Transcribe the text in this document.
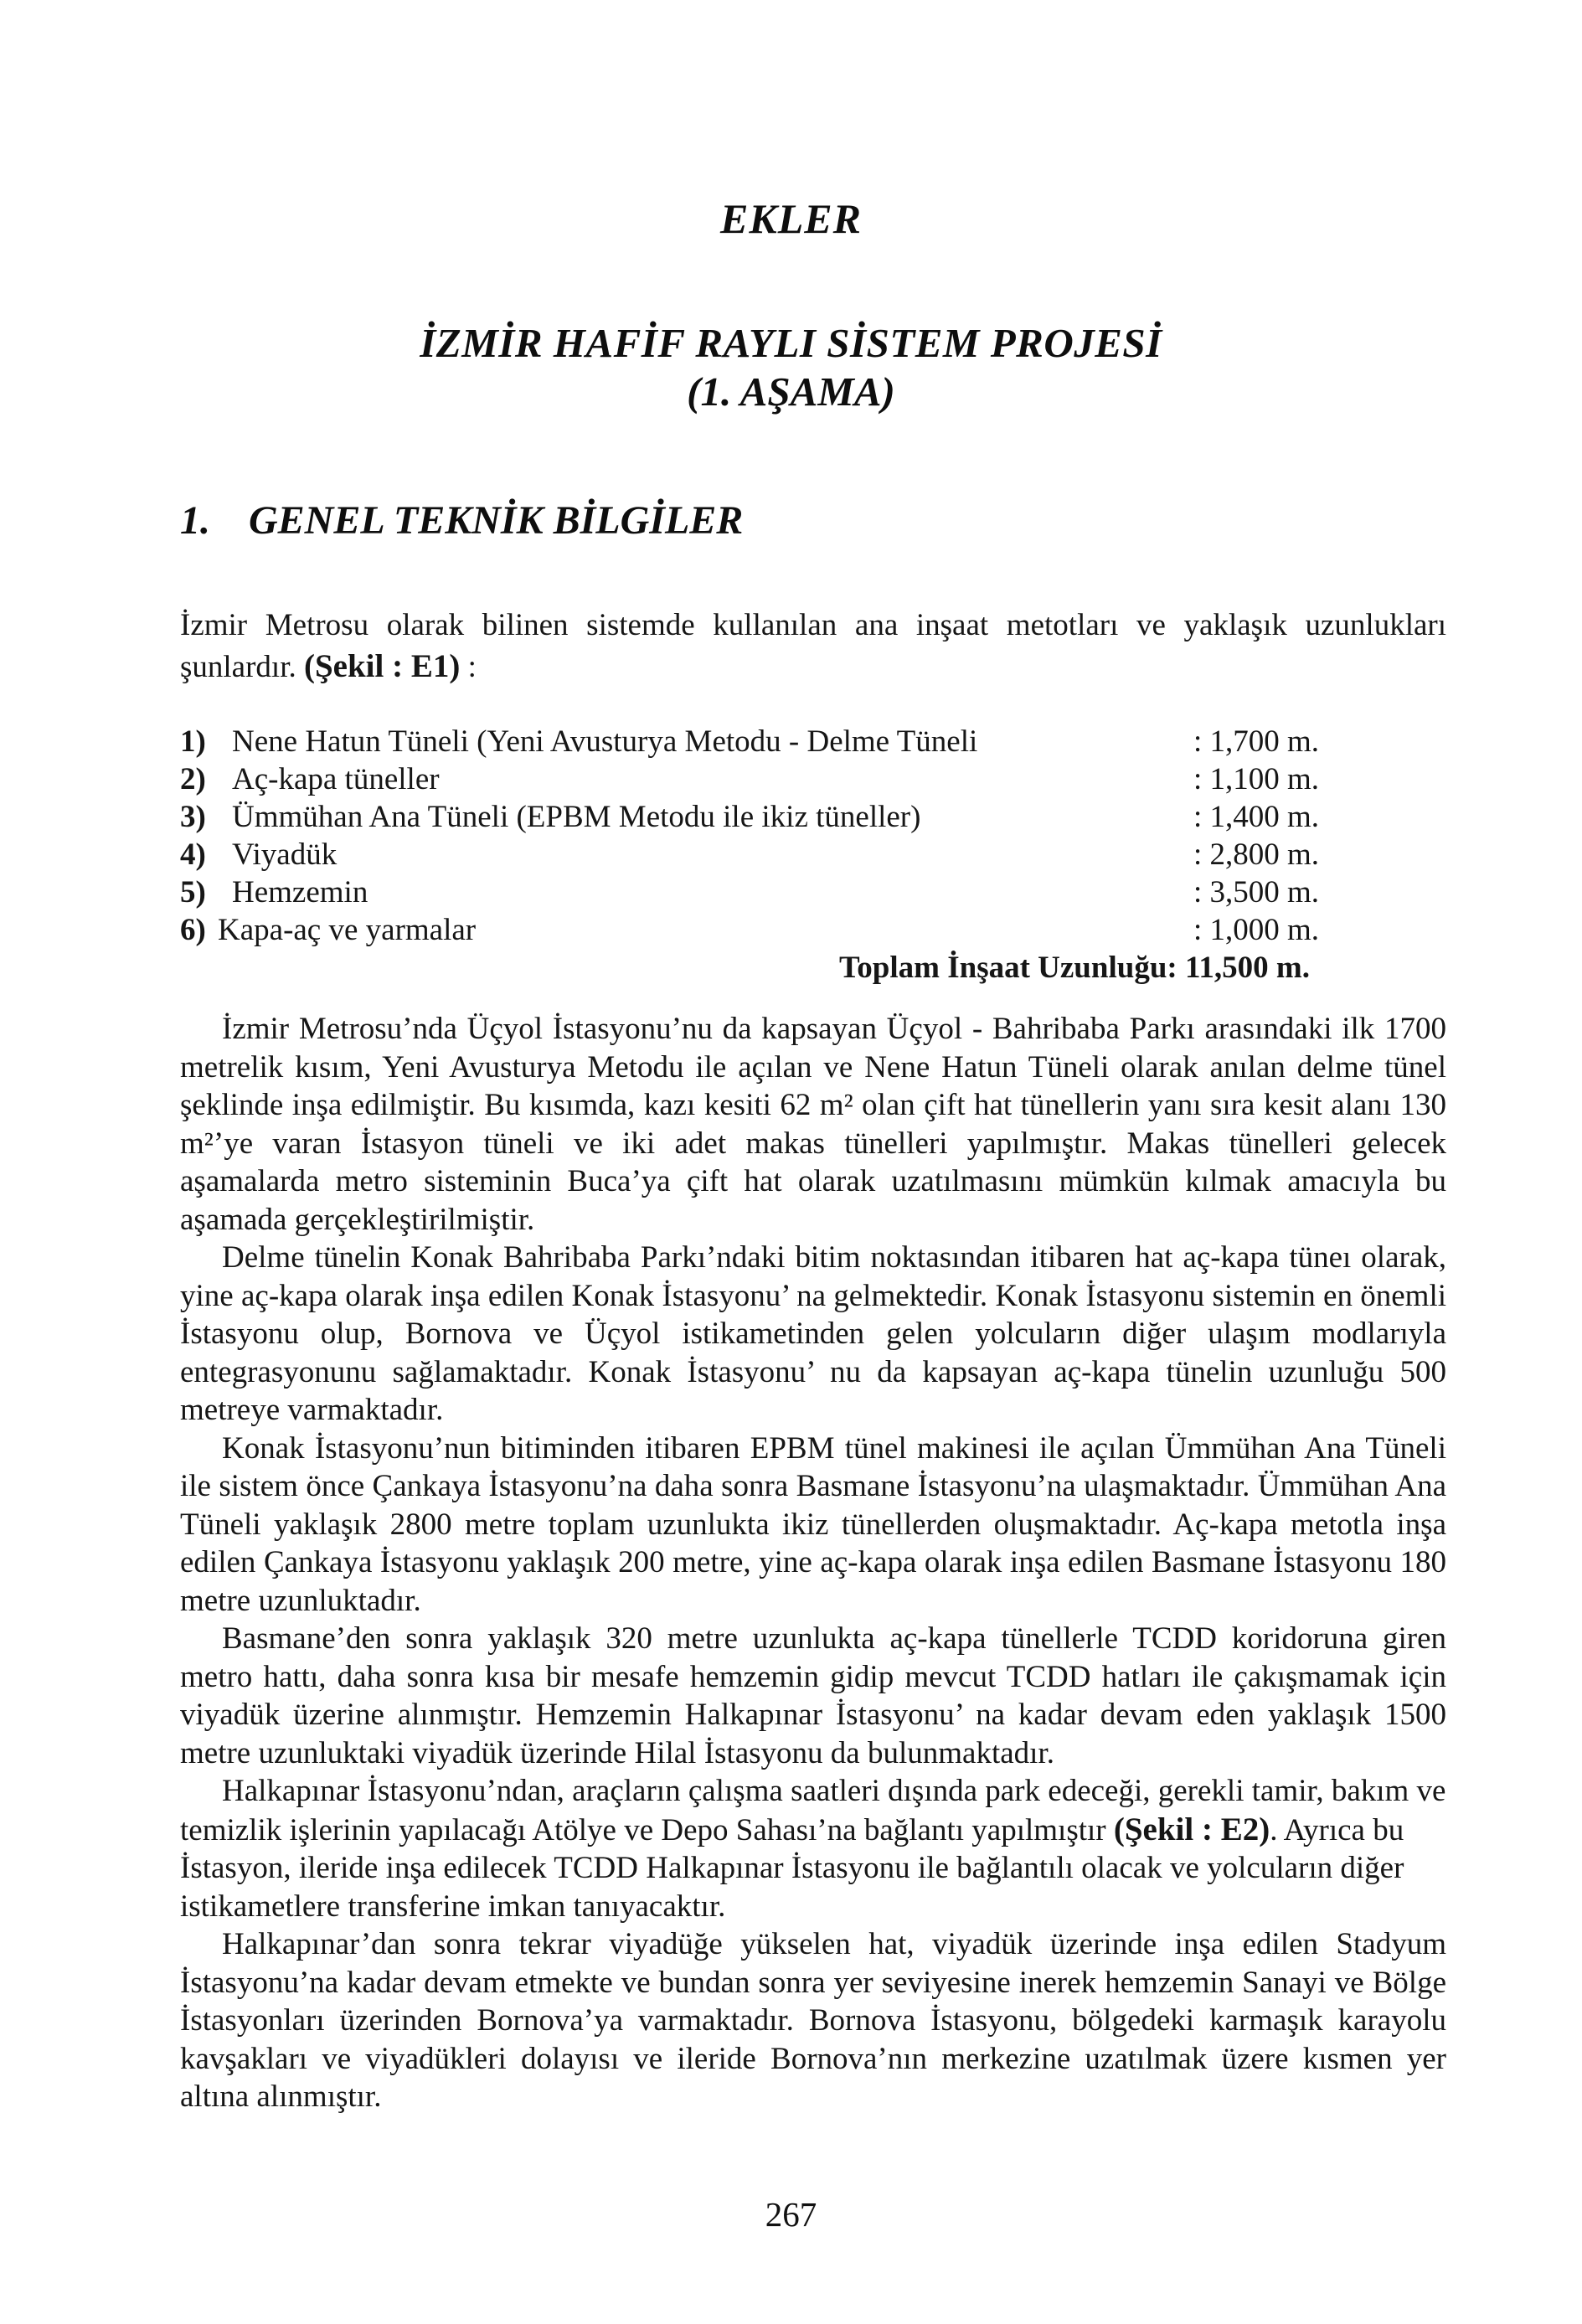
EKLER
İZMİR HAFİF RAYLI SİSTEM PROJESİ
(1. AŞAMA)
1. GENEL TEKNİK BİLGİLER

İzmir Metrosu olarak bilinen sistemde kullanılan ana inşaat metotları ve yaklaşık uzunlukları şunlardır. (Şekil : E1) :

1) Nene Hatun Tüneli (Yeni Avusturya Metodu - Delme Tüneli	: 1,700 m.
2) Aç-kapa tüneller	: 1,100 m.
3) Ümmühan Ana Tüneli (EPBM Metodu ile ikiz tüneller)	: 1,400 m.
4) Viyadük	: 2,800 m.
5) Hemzemin	: 3,500 m.
6) Kapa-aç ve yarmalar	: 1,000 m.
Toplam İnşaat Uzunluğu: 11,500 m.

İzmir Metrosu’nda Üçyol İstasyonu’nu da kapsayan Üçyol - Bahribaba Parkı arasındaki ilk 1700 metrelik kısım, Yeni Avusturya Metodu ile açılan ve Nene Hatun Tüneli olarak anılan delme tünel şeklinde inşa edilmiştir. Bu kısımda, kazı kesiti 62 m² olan çift hat tünellerin yanı sıra kesit alanı 130 m²’ye varan İstasyon tüneli ve iki adet makas tünelleri yapılmıştır. Makas tünelleri gelecek aşamalarda metro sisteminin Buca’ya çift hat olarak uzatılmasını mümkün kılmak amacıyla bu aşamada gerçekleştirilmiştir.

Delme tünelin Konak Bahribaba Parkı’ndaki bitim noktasından itibaren hat aç-kapa tüneı olarak, yine aç-kapa olarak inşa edilen Konak İstasyonu’ na gelmektedir. Konak İstasyonu sistemin en önemli İstasyonu olup, Bornova ve Üçyol istikametinden gelen yolcuların diğer ulaşım modlarıyla entegrasyonunu sağlamaktadır. Konak İstasyonu’ nu da kapsayan aç-kapa tünelin uzunluğu 500 metreye varmaktadır.

Konak İstasyonu’nun bitiminden itibaren EPBM tünel makinesi ile açılan Ümmühan Ana Tüneli ile sistem önce Çankaya İstasyonu’na daha sonra Basmane İstasyonu’na ulaşmaktadır. Ümmühan Ana Tüneli yaklaşık 2800 metre toplam uzunlukta ikiz tünellerden oluşmaktadır. Aç-kapa metotla inşa edilen Çankaya İstasyonu yaklaşık 200 metre, yine aç-kapa olarak inşa edilen Basmane İstasyonu 180 metre uzunluktadır.

Basmane’den sonra yaklaşık 320 metre uzunlukta aç-kapa tünellerle TCDD koridoruna giren metro hattı, daha sonra kısa bir mesafe hemzemin gidip mevcut TCDD hatları ile çakışmamak için viyadük üzerine alınmıştır. Hemzemin Halkapınar İstasyonu’ na kadar devam eden yaklaşık 1500 metre uzunluktaki viyadük üzerinde Hilal İstasyonu da bulunmaktadır.

Halkapınar İstasyonu’ndan, araçların çalışma saatleri dışında park edeceği, gerekli tamir, bakım ve temizlik işlerinin yapılacağı Atölye ve Depo Sahası’na bağlantı yapılmıştır (Şekil : E2). Ayrıca bu İstasyon, ileride inşa edilecek TCDD Halkapınar İstasyonu ile bağlantılı olacak ve yolcuların diğer istikametlere transferine imkan tanıyacaktır.

Halkapınar’dan sonra tekrar viyadüğe yükselen hat, viyadük üzerinde inşa edilen Stadyum İstasyonu’na kadar devam etmekte ve bundan sonra yer seviyesine inerek hemzemin Sanayi ve Bölge İstasyonları üzerinden Bornova’ya varmaktadır. Bornova İstasyonu, bölgedeki karmaşık karayolu kavşakları ve viyadükleri dolayısı ve ileride Bornova’nın merkezine uzatılmak üzere kısmen yer altına alınmıştır.

267
